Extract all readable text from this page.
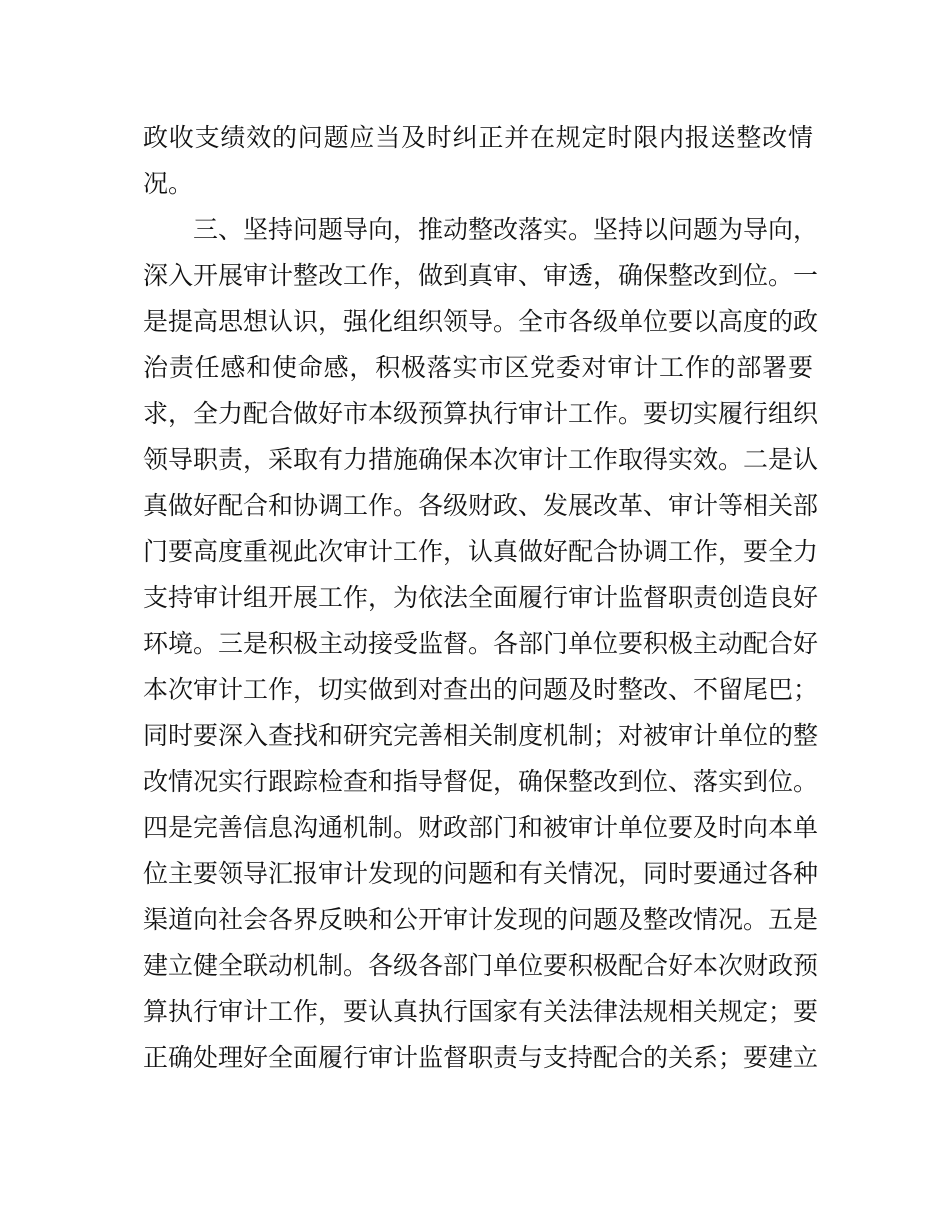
政收支绩效的问题应当及时纠正并在规定时限内报送整改情
况。
三、坚持问题导向，推动整改落实。坚持以问题为导向，
深入开展审计整改工作，做到真审、审透，确保整改到位。一
是提高思想认识，强化组织领导。全市各级单位要以高度的政
治责任感和使命感，积极落实市区党委对审计工作的部署要
求，全力配合做好市本级预算执行审计工作。要切实履行组织
领导职责，采取有力措施确保本次审计工作取得实效。二是认
真做好配合和协调工作。各级财政、发展改革、审计等相关部
门要高度重视此次审计工作，认真做好配合协调工作，要全力
支持审计组开展工作，为依法全面履行审计监督职责创造良好
环境。三是积极主动接受监督。各部门单位要积极主动配合好
本次审计工作，切实做到对查出的问题及时整改、不留尾巴；
同时要深入查找和研究完善相关制度机制；对被审计单位的整
改情况实行跟踪检查和指导督促，确保整改到位、落实到位。
四是完善信息沟通机制。财政部门和被审计单位要及时向本单
位主要领导汇报审计发现的问题和有关情况，同时要通过各种
渠道向社会各界反映和公开审计发现的问题及整改情况。五是
建立健全联动机制。各级各部门单位要积极配合好本次财政预
算执行审计工作，要认真执行国家有关法律法规相关规定；要
正确处理好全面履行审计监督职责与支持配合的关系；要建立
